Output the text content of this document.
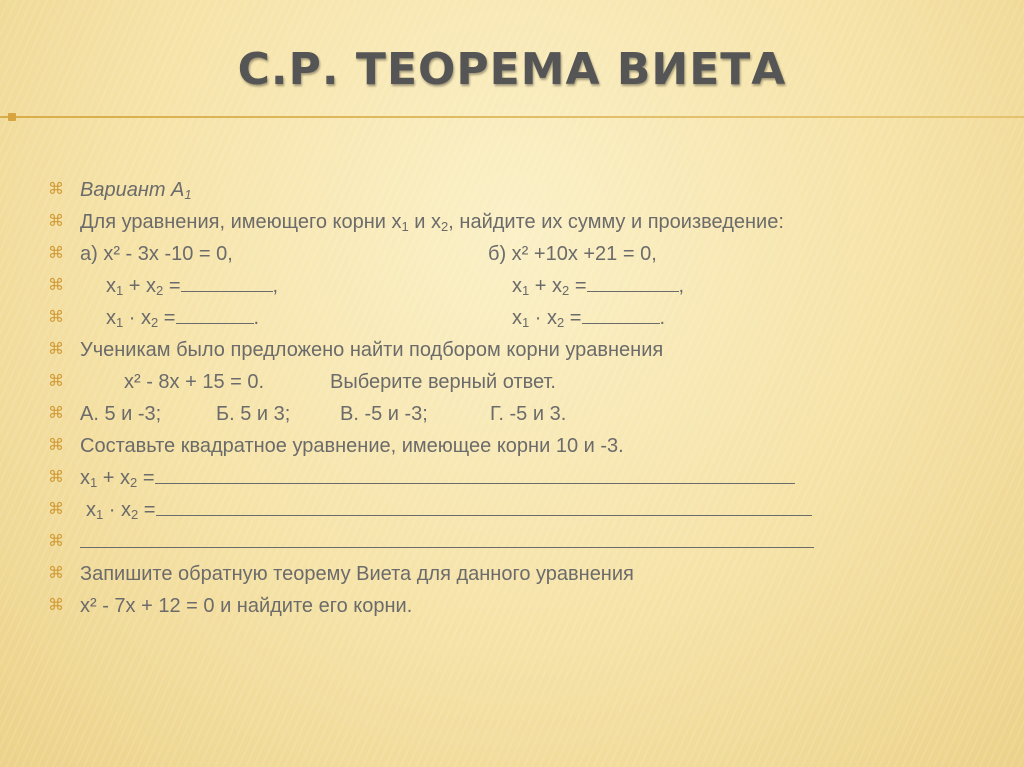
С.Р. ТЕОРЕМА ВИЕТА
⌘ Вариант $А_1$
⌘ Для уравнения, имеющего корни $х_1$ и $х_2$, найдите их сумму и произведение:
⌘ а) х² - 3х -10 = 0,	б) х² +10х +21 = 0,
⌘ $х_1 + х_2$ =	,	$х_1 + х_2$ =	,
⌘ $х_1 \cdot х_2$ =	.	$х_1 \cdot х_2$ =	.
⌘ Ученикам было предложено найти подбором корни уравнения
⌘	х² - 8х + 15 = 0.	Выберите верный ответ.
⌘ А. 5 и -3;	Б. 5 и 3; В. -5 и -3;	Г. -5 и 3.
⌘ Составьте квадратное уравнение, имеющее корни 10 и -3.
⌘ $х_1 + х_2$ =
⌘ $х_1 \cdot х_2$ =
⌘
⌘ Запишите обратную теорему Виета для данного уравнения
⌘ х² - 7х + 12 = 0 и найдите его корни.
